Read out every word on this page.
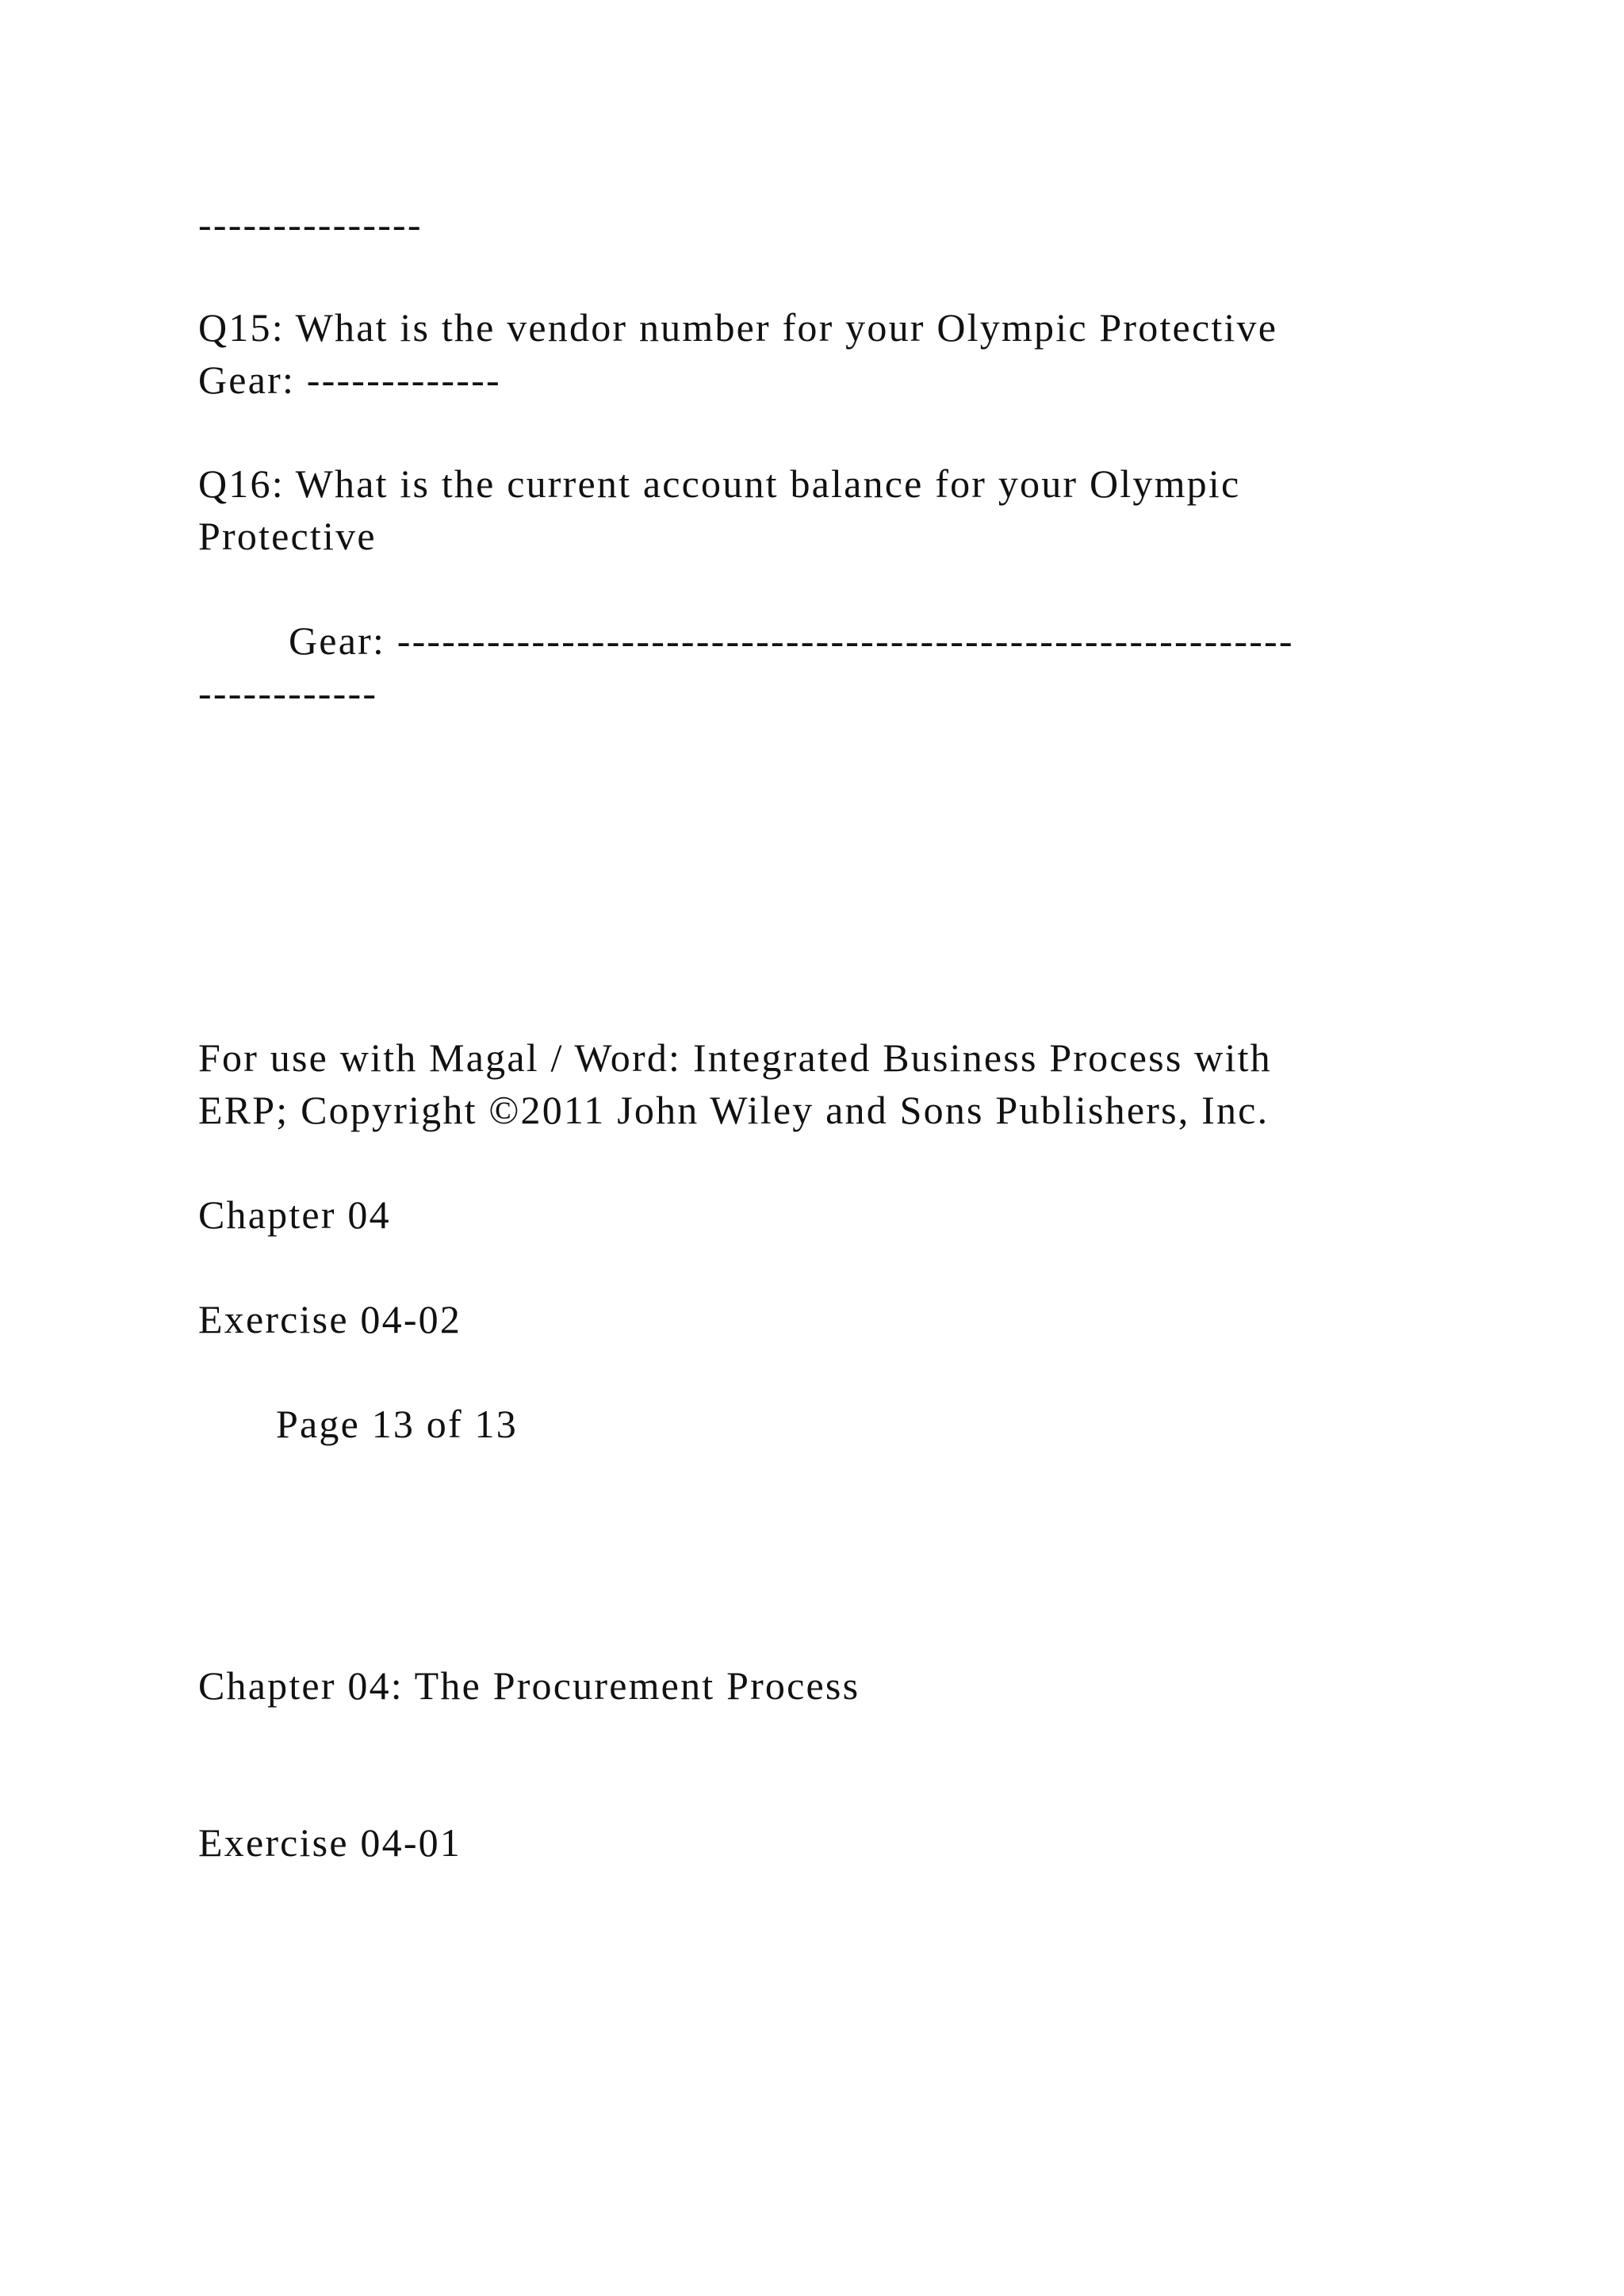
---------------
Q15: What is the vendor number for your Olympic Protective
Gear: -------------
Q16: What is the current account balance for your Olympic
Protective
Gear: ------------------------------------------------------------
------------
For use with Magal / Word: Integrated Business Process with
ERP; Copyright ©2011 John Wiley and Sons Publishers, Inc.
Chapter 04
Exercise 04-02
Page 13 of 13
Chapter 04: The Procurement Process
Exercise 04-01
